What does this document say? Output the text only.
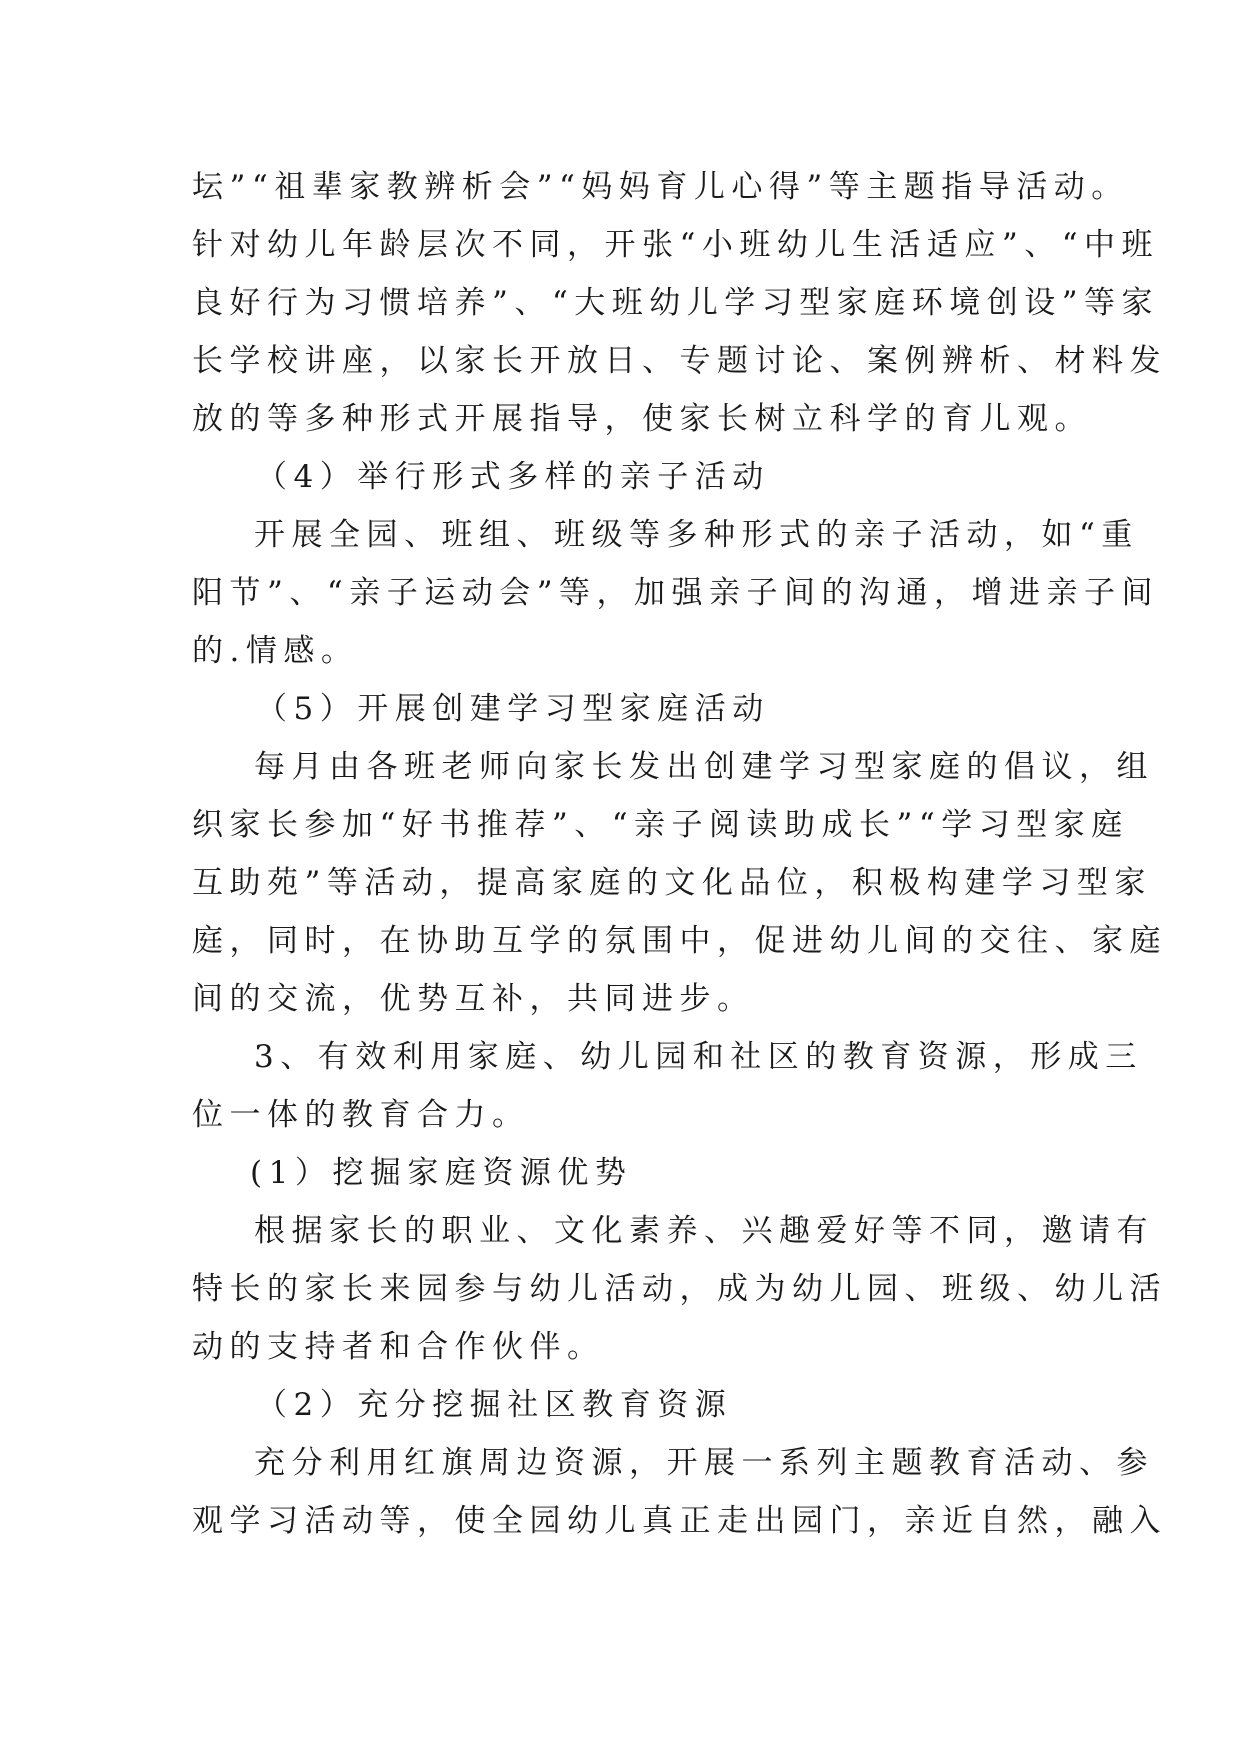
坛”“祖辈家教辨析会”“妈妈育儿心得”等主题指导活动。
针对幼儿年龄层次不同，开张“小班幼儿生活适应”、“中班
良好行为习惯培养”、“大班幼儿学习型家庭环境创设”等家
长学校讲座，以家长开放日、专题讨论、案例辨析、材料发
放的等多种形式开展指导，使家长树立科学的育儿观。
（4）举行形式多样的亲子活动
开展全园、班组、班级等多种形式的亲子活动，如“重
阳节”、“亲子运动会”等，加强亲子间的沟通，增进亲子间
的.情感。
（5）开展创建学习型家庭活动
每月由各班老师向家长发出创建学习型家庭的倡议，组
织家长参加“好书推荐”、“亲子阅读助成长”“学习型家庭
互助苑”等活动，提高家庭的文化品位，积极构建学习型家
庭，同时，在协助互学的氛围中，促进幼儿间的交往、家庭
间的交流，优势互补，共同进步。
3、有效利用家庭、幼儿园和社区的教育资源，形成三
位一体的教育合力。
(1）挖掘家庭资源优势
根据家长的职业、文化素养、兴趣爱好等不同，邀请有
特长的家长来园参与幼儿活动，成为幼儿园、班级、幼儿活
动的支持者和合作伙伴。
（2）充分挖掘社区教育资源
充分利用红旗周边资源，开展一系列主题教育活动、参
观学习活动等，使全园幼儿真正走出园门，亲近自然，融入
